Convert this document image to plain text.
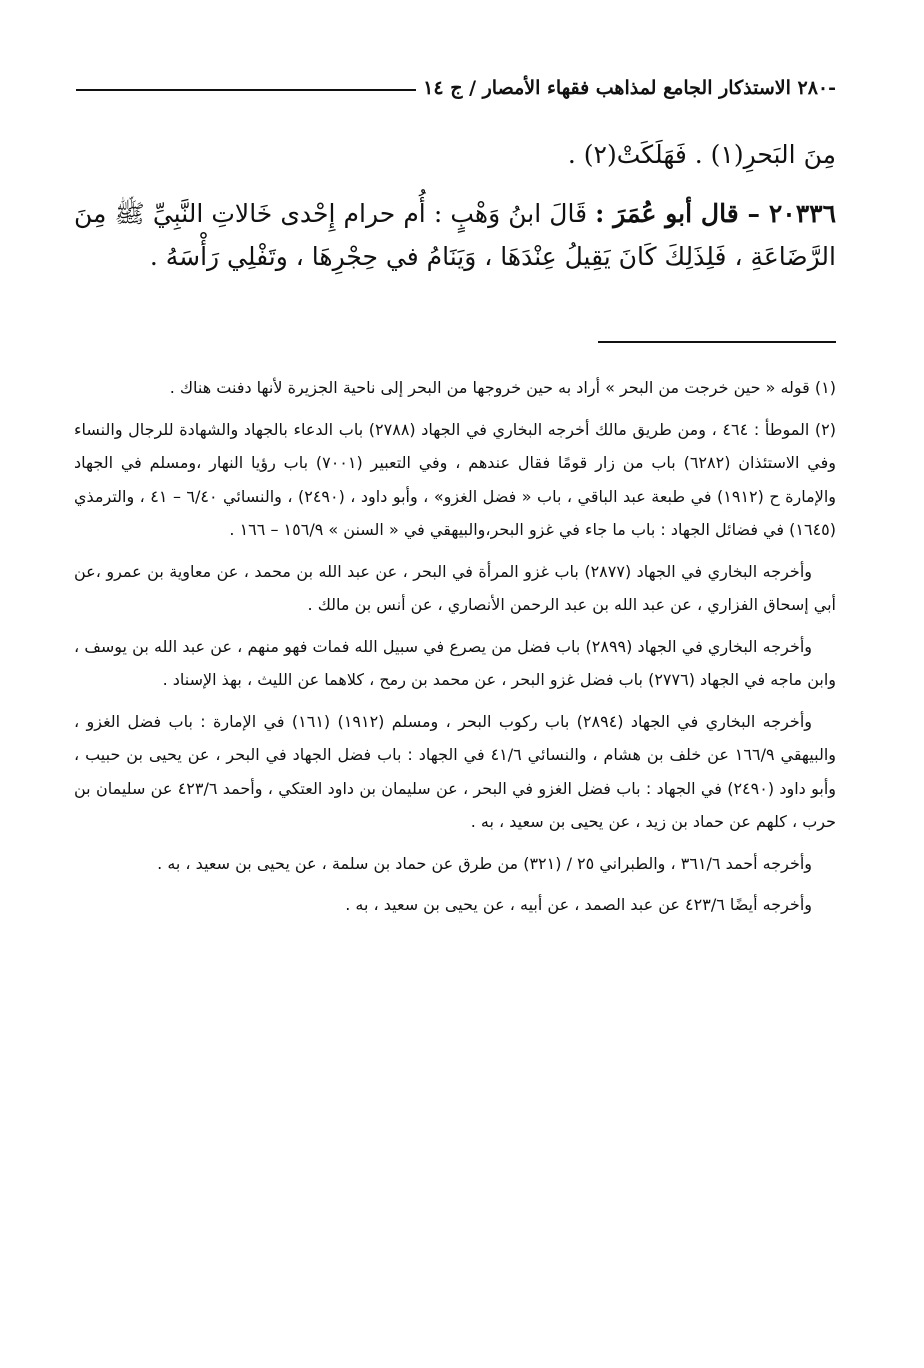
-٢٨٠ الاستذكار الجامع لمذاهب فقهاء الأمصار / ج ١٤

مِنَ البَحرِ(١) . فَهَلَكَتْ(٢) .

٢٠٣٣٦ – قال أبو عُمَرَ : قَالَ ابنُ وَهْبٍ : أُم حرام إِحْدى خَالاتِ النَّبِيِّ ﷺ مِنَ الرَّضَاعَةِ ، فَلِذَلِكَ كَانَ يَقِيلُ عِنْدَهَا ، وَيَنَامُ في حِجْرِهَا ، وتَفْلِي رَأْسَهُ .

(١) قوله « حين خرجت من البحر » أراد به حين خروجها من البحر إلى ناحية الجزيرة لأنها دفنت هناك .

(٢) الموطأ : ٤٦٤ ، ومن طريق مالك أخرجه البخاري في الجهاد (٢٧٨٨) باب الدعاء بالجهاد والشهادة للرجال والنساء وفي الاستئذان (٦٢٨٢) باب من زار قومًا فقال عندهم ، وفي التعبير (٧٠٠١) باب رؤيا النهار ،ومسلم في الجهاد والإمارة ح (١٩١٢) في طبعة عبد الباقي ، باب « فضل الغزو» ، وأبو داود ، (٢٤٩٠) ، والنسائي ٦/٤٠ – ٤١ ، والترمذي (١٦٤٥) في فضائل الجهاد : باب ما جاء في غزو البحر،والبيهقي في « السنن » ١٥٦/٩ – ١٦٦ .

وأخرجه البخاري في الجهاد (٢٨٧٧) باب غزو المرأة في البحر ، عن عبد الله بن محمد ، عن معاوية بن عمرو ،عن أبي إسحاق الفزاري ، عن عبد الله بن عبد الرحمن الأنصاري ، عن أنس بن مالك .

وأخرجه البخاري في الجهاد (٢٨٩٩) باب فضل من يصرع في سبيل الله فمات فهو منهم ، عن عبد الله بن يوسف ، وابن ماجه في الجهاد (٢٧٧٦) باب فضل غزو البحر ، عن محمد بن رمح ، كلاهما عن الليث ، بهذ الإسناد .

وأخرجه البخاري في الجهاد (٢٨٩٤) باب ركوب البحر ، ومسلم (١٩١٢) (١٦١) في الإمارة : باب فضل الغزو ، والبيهقي ١٦٦/٩ عن خلف بن هشام ، والنسائي ٤١/٦ في الجهاد : باب فضل الجهاد في البحر ، عن يحيى بن حبيب ، وأبو داود (٢٤٩٠) في الجهاد : باب فضل الغزو في البحر ، عن سليمان بن داود العتكي ، وأحمد ٤٢٣/٦ عن سليمان بن حرب ، كلهم عن حماد بن زيد ، عن يحيى بن سعيد ، به .

وأخرجه أحمد ٣٦١/٦ ، والطبراني ٢٥ / (٣٢١) من طرق عن حماد بن سلمة ، عن يحيى بن سعيد ، به .

وأخرجه أيضًا ٤٢٣/٦ عن عبد الصمد ، عن أبيه ، عن يحيى بن سعيد ، به .
